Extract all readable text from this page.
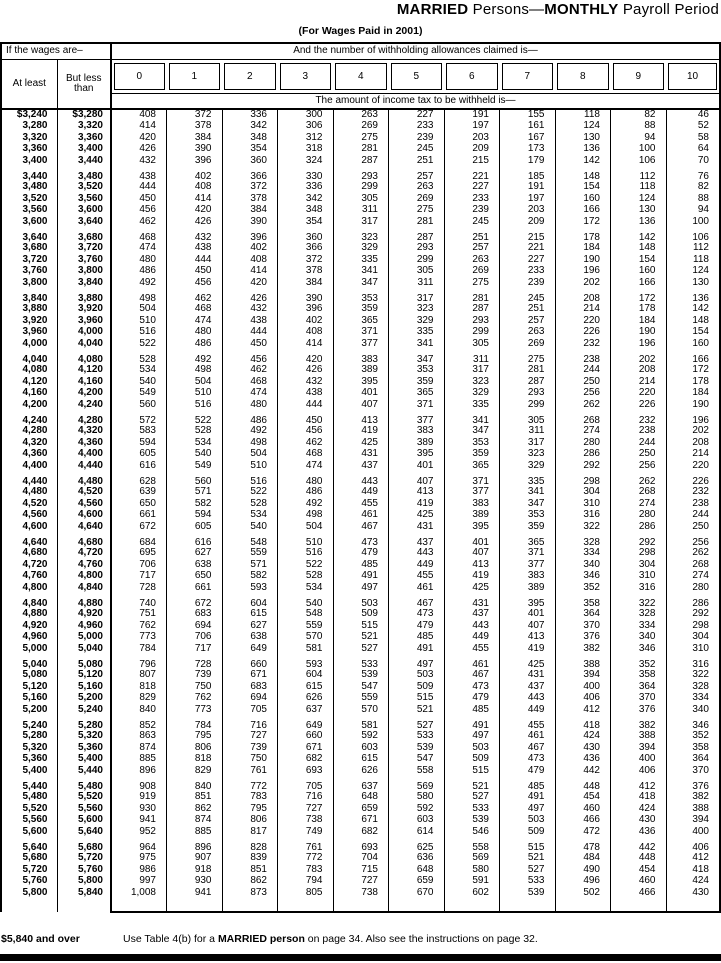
MARRIED Persons—MONTHLY Payroll Period
(For Wages Paid in 2001)
If the wages are–		And the number of withholding allowances claimed is—										
At least	But less than	0	1	2	3	4	5	6	7	8	9	10

		The amount of income tax to be withheld is—										
$3,240	$3,280	408	372	336	300	263	227	191	155	118	82	46
3,280	3,320	414	378	342	306	269	233	197	161	124	88	52
3,320	3,360	420	384	348	312	275	239	203	167	130	94	58
3,360	3,400	426	390	354	318	281	245	209	173	136	100	64
3,400	3,440	432	396	360	324	287	251	215	179	142	106	70
3,440	3,480	438	402	366	330	293	257	221	185	148	112	76
3,480	3,520	444	408	372	336	299	263	227	191	154	118	82
3,520	3,560	450	414	378	342	305	269	233	197	160	124	88
3,560	3,600	456	420	384	348	311	275	239	203	166	130	94
3,600	3,640	462	426	390	354	317	281	245	209	172	136	100
3,640	3,680	468	432	396	360	323	287	251	215	178	142	106
3,680	3,720	474	438	402	366	329	293	257	221	184	148	112
3,720	3,760	480	444	408	372	335	299	263	227	190	154	118
3,760	3,800	486	450	414	378	341	305	269	233	196	160	124
3,800	3,840	492	456	420	384	347	311	275	239	202	166	130
3,840	3,880	498	462	426	390	353	317	281	245	208	172	136
3,880	3,920	504	468	432	396	359	323	287	251	214	178	142
3,920	3,960	510	474	438	402	365	329	293	257	220	184	148
3,960	4,000	516	480	444	408	371	335	299	263	226	190	154
4,000	4,040	522	486	450	414	377	341	305	269	232	196	160
4,040	4,080	528	492	456	420	383	347	311	275	238	202	166
4,080	4,120	534	498	462	426	389	353	317	281	244	208	172
4,120	4,160	540	504	468	432	395	359	323	287	250	214	178
4,160	4,200	549	510	474	438	401	365	329	293	256	220	184
4,200	4,240	560	516	480	444	407	371	335	299	262	226	190
4,240	4,280	572	522	486	450	413	377	341	305	268	232	196
4,280	4,320	583	528	492	456	419	383	347	311	274	238	202
4,320	4,360	594	534	498	462	425	389	353	317	280	244	208
4,360	4,400	605	540	504	468	431	395	359	323	286	250	214
4,400	4,440	616	549	510	474	437	401	365	329	292	256	220
4,440	4,480	628	560	516	480	443	407	371	335	298	262	226
4,480	4,520	639	571	522	486	449	413	377	341	304	268	232
4,520	4,560	650	582	528	492	455	419	383	347	310	274	238
4,560	4,600	661	594	534	498	461	425	389	353	316	280	244
4,600	4,640	672	605	540	504	467	431	395	359	322	286	250
4,640	4,680	684	616	548	510	473	437	401	365	328	292	256
4,680	4,720	695	627	559	516	479	443	407	371	334	298	262
4,720	4,760	706	638	571	522	485	449	413	377	340	304	268
4,760	4,800	717	650	582	528	491	455	419	383	346	310	274
4,800	4,840	728	661	593	534	497	461	425	389	352	316	280
4,840	4,880	740	672	604	540	503	467	431	395	358	322	286
4,880	4,920	751	683	615	548	509	473	437	401	364	328	292
4,920	4,960	762	694	627	559	515	479	443	407	370	334	298
4,960	5,000	773	706	638	570	521	485	449	413	376	340	304
5,000	5,040	784	717	649	581	527	491	455	419	382	346	310
5,040	5,080	796	728	660	593	533	497	461	425	388	352	316
5,080	5,120	807	739	671	604	539	503	467	431	394	358	322
5,120	5,160	818	750	683	615	547	509	473	437	400	364	328
5,160	5,200	829	762	694	626	559	515	479	443	406	370	334
5,200	5,240	840	773	705	637	570	521	485	449	412	376	340
5,240	5,280	852	784	716	649	581	527	491	455	418	382	346
5,280	5,320	863	795	727	660	592	533	497	461	424	388	352
5,320	5,360	874	806	739	671	603	539	503	467	430	394	358
5,360	5,400	885	818	750	682	615	547	509	473	436	400	364
5,400	5,440	896	829	761	693	626	558	515	479	442	406	370
5,440	5,480	908	840	772	705	637	569	521	485	448	412	376
5,480	5,520	919	851	783	716	648	580	527	491	454	418	382
5,520	5,560	930	862	795	727	659	592	533	497	460	424	388
5,560	5,600	941	874	806	738	671	603	539	503	466	430	394
5,600	5,640	952	885	817	749	682	614	546	509	472	436	400
5,640	5,680	964	896	828	761	693	625	558	515	478	442	406
5,680	5,720	975	907	839	772	704	636	569	521	484	448	412
5,720	5,760	986	918	851	783	715	648	580	527	490	454	418
5,760	5,800	997	930	862	794	727	659	591	533	496	460	424
5,800	5,840	1,008	941	873	805	738	670	602	539	502	466	430

$5,840 and over	Use Table 4(b) for a MARRIED person on page 34. Also see the instructions on page 32.
